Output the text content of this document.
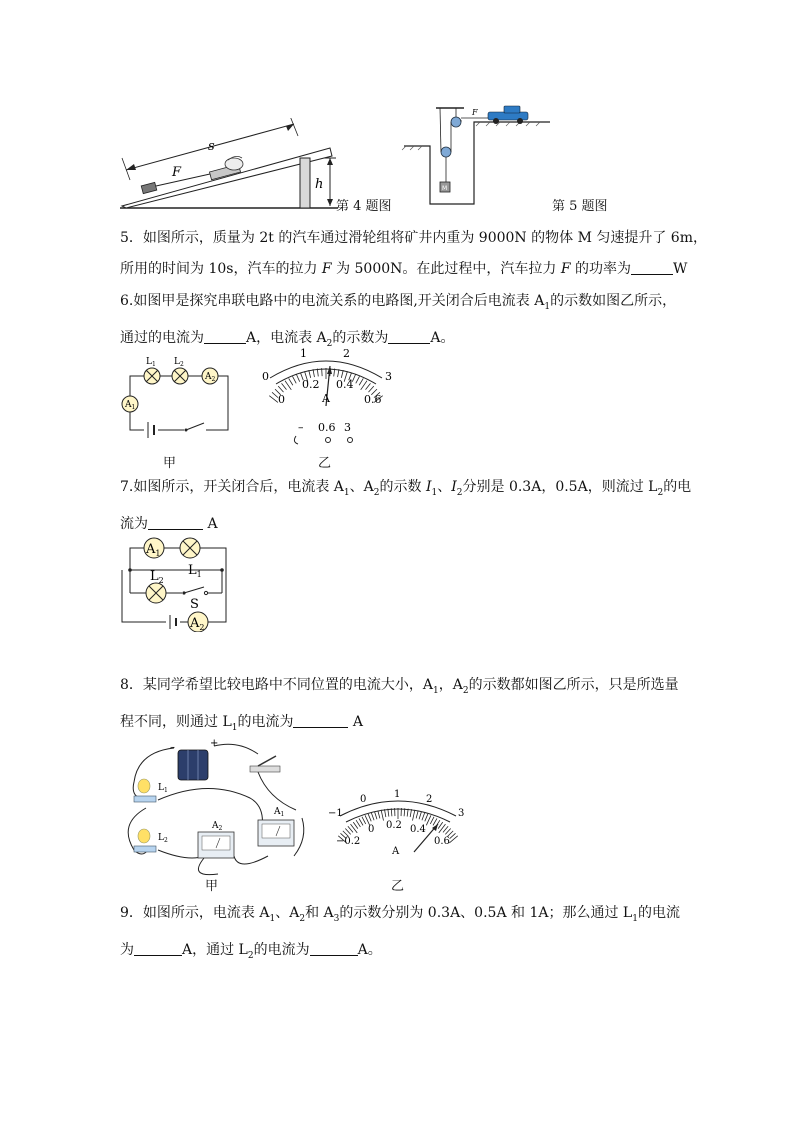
s
F
h
第 4 题图
M
F
第 5 题图
5．如图所示，质量为 2t 的汽车通过滑轮组将矿井内重为 9000N 的物体 M 匀速提升了 6m，
所用的时间为 10s，汽车的拉力 F 为 5000N。在此过程中，汽车拉力 F 的功率为	W
6.如图甲是探究串联电路中的电流关系的电路图,开关闭合后电流表 $A_1$的示数如图乙所示，
通过的电流为	A，电流表 $A_2$的示数为	A。
$L_1$ $L_2$
$A_2$
$A_1$
甲
0
1	2
3
0
0.2 0.4
0.6
A
– 0.6 3
乙
7.如图所示，开关闭合后，电流表 $A_1$、$A_2$的示数 $I_1$、$I_2$分别是 0.3A，0.5A，则流过 $L_2$的电
流为	A
$A_1$
$L_1$
$L_2$
S
$A_2$
8．某同学希望比较电路中不同位置的电流大小，$A_1$，$A_2$的示数都如图乙所示，只是所选量
程不同，则通过 $L_1$的电流为	A
–	+
$L_1$
$L_2$
$A_2$
$A_1$
甲
−1
0	1	2
3
−0.2
0 0.2 0.4
0.6
A
乙
9．如图所示，电流表 $A_1$、$A_2$和 $A_3$的示数分别为 0.3A、0.5A 和 1A；那么通过 $L_1$的电流
为	A，通过 $L_2$的电流为	A。
